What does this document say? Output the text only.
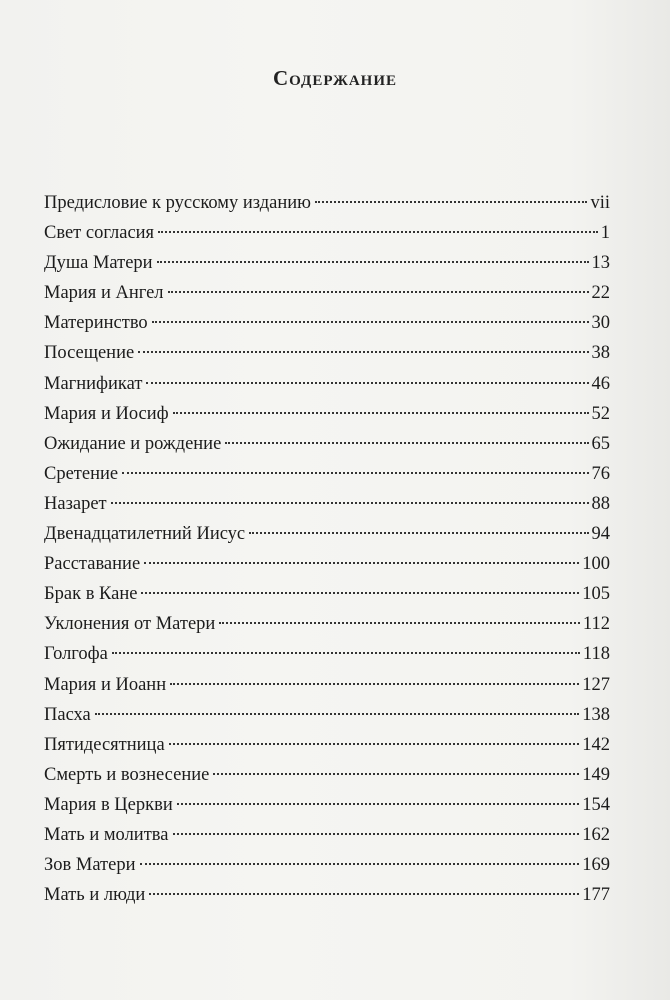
Содержание
Предисловие к русскому изданию	vii
Свет согласия	1
Душа Матери	13
Мария и Ангел	22
Материнство	30
Посещение	38
Магнификат	46
Мария и Иосиф	52
Ожидание и рождение	65
Сретение	76
Назарет	88
Двенадцатилетний Иисус	94
Расставание	100
Брак в Кане	105
Уклонения от Матери	112
Голгофа	118
Мария и Иоанн	127
Пасха	138
Пятидесятница	142
Смерть и вознесение	149
Мария в Церкви	154
Мать и молитва	162
Зов Матери	169
Мать и люди	177
